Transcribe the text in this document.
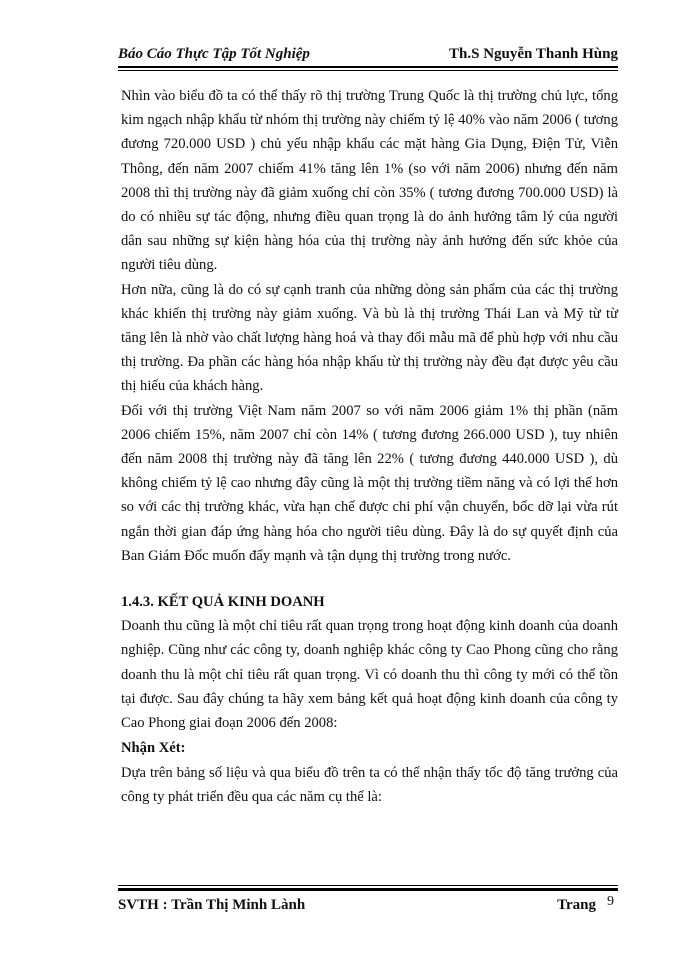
Báo Cáo Thực Tập Tốt Nghiệp	Th.S Nguyễn Thanh Hùng

Nhìn vào biểu đồ ta có thể thấy rõ thị trường Trung Quốc là thị trường chủ lực, tổng kim ngạch nhập khẩu từ nhóm thị trường này chiếm tỷ lệ 40% vào năm 2006 ( tương đương 720.000 USD ) chủ yếu nhập khẩu các mặt hàng Gia Dụng, Điện Tử, Viễn Thông, đến năm 2007 chiếm 41% tăng lên 1% (so với năm 2006) nhưng đến năm 2008 thì thị trường này đã giảm xuống chỉ còn 35% ( tương đương 700.000 USD) là do có nhiều sự tác động, nhưng điều quan trọng là do ảnh hưởng tâm lý của người dân sau những sự kiện hàng hóa của thị trường này ảnh hưởng đến sức khỏe của người tiêu dùng.

Hơn nữa, cũng là do có sự cạnh tranh của những dòng sản phẩm của các thị trường khác khiến thị trường này giảm xuống. Và bù là thị trường Thái Lan và Mỹ từ từ tăng lên là nhờ vào chất lượng hàng hoá và thay đổi mẫu mã để phù hợp với nhu cầu thị trường. Đa phần các hàng hóa nhập khẩu từ thị trường này đều đạt được yêu cầu thị hiếu của khách hàng.

Đối với thị trường Việt Nam năm 2007 so với năm 2006 giảm 1% thị phần (năm 2006 chiếm 15%, năm 2007 chỉ còn 14% ( tương đương 266.000 USD ), tuy nhiên đến năm 2008 thị trường này đã tăng lên 22% ( tương đương 440.000 USD ), dù không chiếm tỷ lệ cao nhưng đây cũng là một thị trường tiềm năng và có lợi thế hơn so với các thị trường khác, vừa hạn chế được chi phí vận chuyển, bốc dỡ lại vừa rút ngắn thời gian đáp ứng hàng hóa cho người tiêu dùng. Đây là do sự quyết định của Ban Giám Đốc muốn đẩy mạnh và tận dụng thị trường trong nước.

1.4.3. KẾT QUẢ KINH DOANH

Doanh thu cũng là một chỉ tiêu rất quan trọng trong hoạt động kinh doanh của doanh nghiệp. Cũng như các công ty, doanh nghiệp khác công ty Cao Phong cũng cho rằng doanh thu là một chỉ tiêu rất quan trọng. Vì có doanh thu thì công ty mới có thể tồn tại được. Sau đây chúng ta hãy xem bảng kết quả hoạt động kinh doanh của công ty Cao Phong giai đoạn 2006 đến 2008:

Nhận Xét:

Dựa trên bảng số liệu và qua biểu đồ trên ta có thể nhận thấy tốc độ tăng trưởng của công ty phát triển đều qua các năm cụ thể là:

SVTH : Trần Thị Minh Lành	Trang 9
